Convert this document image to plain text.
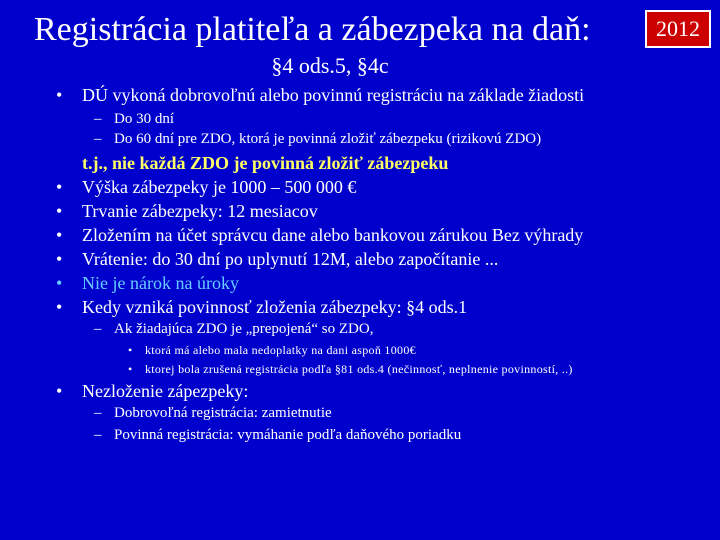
Registrácia platiteľa a zábezpeka na daň:	2012
§4 ods.5, §4c
• DÚ vykoná dobrovoľnú alebo povinnú registráciu na základe žiadosti
– Do 30 dní
– Do 60 dní pre ZDO, ktorá je povinná zložiť zábezpeku (rizikovú ZDO)
t.j., nie každá ZDO je povinná zložiť zábezpeku
• Výška zábezpeky je 1000 – 500 000 €
• Trvanie zábezpeky: 12 mesiacov
• Zložením na účet správcu dane alebo bankovou zárukou Bez výhrady
• Vrátenie: do 30 dní po uplynutí 12M, alebo započítanie ...
• Nie je nárok na úroky
• Kedy vzniká povinnosť zloženia zábezpeky: §4 ods.1
– Ak žiadajúca ZDO je „prepojená“ so ZDO,
• ktorá má alebo mala nedoplatky na dani aspoň 1000€
• ktorej bola zrušená registrácia podľa §81 ods.4 (nečinnosť, neplnenie povinností, ..)
• Nezloženie zápezpeky:
– Dobrovoľná registrácia: zamietnutie
– Povinná registrácia: vymáhanie podľa daňového poriadku
